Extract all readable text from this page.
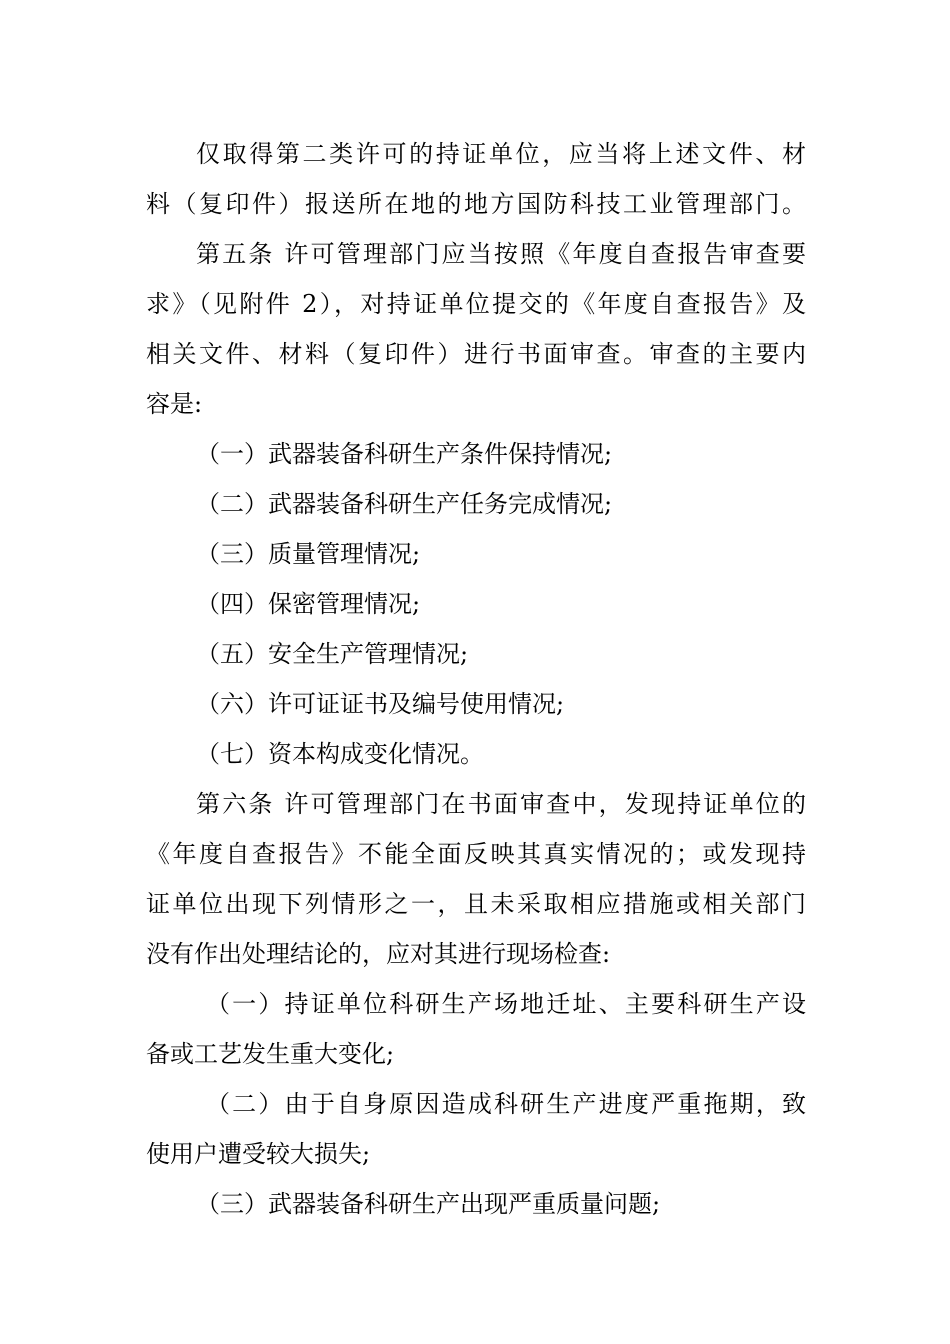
仅取得第二类许可的持证单位，应当将上述文件、材
料（复印件）报送所在地的地方国防科技工业管理部门。
第五条 许可管理部门应当按照《年度自查报告审查要
求》（见附件 2），对持证单位提交的《年度自查报告》及
相关文件、材料（复印件）进行书面审查。审查的主要内
容是:
（一）武器装备科研生产条件保持情况;
（二）武器装备科研生产任务完成情况;
（三）质量管理情况;
（四）保密管理情况;
（五）安全生产管理情况;
（六）许可证证书及编号使用情况;
（七）资本构成变化情况。
第六条 许可管理部门在书面审查中，发现持证单位的
《年度自查报告》不能全面反映其真实情况的；或发现持
证单位出现下列情形之一，且未采取相应措施或相关部门
没有作出处理结论的，应对其进行现场检查:
（一）持证单位科研生产场地迁址、主要科研生产设
备或工艺发生重大变化;
（二）由于自身原因造成科研生产进度严重拖期，致
使用户遭受较大损失;
（三）武器装备科研生产出现严重质量问题;
